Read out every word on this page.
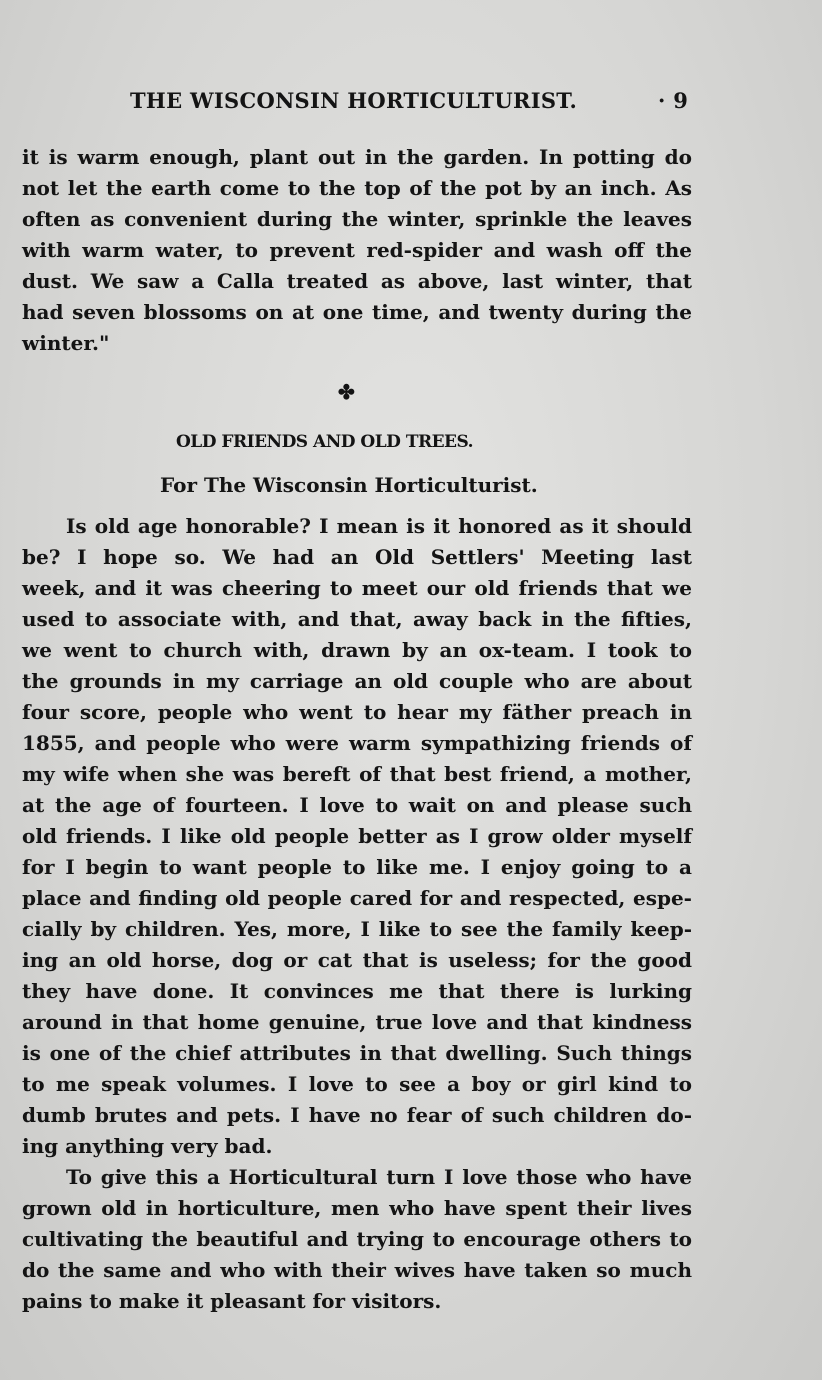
THE WISCONSIN HORTICULTURIST.	· 9
it is warm enough, plant out in the garden. In potting do
not let the earth come to the top of the pot by an inch. As
often as convenient during the winter, sprinkle the leaves
with warm water, to prevent red-spider and wash off the
dust. We saw a Calla treated as above, last winter, that
had seven blossoms on at one time, and twenty during the
winter."
✤
OLD FRIENDS AND OLD TREES.
For The Wisconsin Horticulturist.
Is old age honorable? I mean is it honored as it should
be? I hope so. We had an Old Settlers' Meeting last
week, and it was cheering to meet our old friends that we
used to associate with, and that, away back in the fifties,
we went to church with, drawn by an ox-team. I took to
the grounds in my carriage an old couple who are about
four score, people who went to hear my fäther preach in
1855, and people who were warm sympathizing friends of
my wife when she was bereft of that best friend, a mother,
at the age of fourteen. I love to wait on and please such
old friends. I like old people better as I grow older myself
for I begin to want people to like me. I enjoy going to a
place and finding old people cared for and respected, espe-
cially by children. Yes, more, I like to see the family keep-
ing an old horse, dog or cat that is useless; for the good
they have done. It convinces me that there is lurking
around in that home genuine, true love and that kindness
is one of the chief attributes in that dwelling. Such things
to me speak volumes. I love to see a boy or girl kind to
dumb brutes and pets. I have no fear of such children do-
ing anything very bad.
To give this a Horticultural turn I love those who have
grown old in horticulture, men who have spent their lives
cultivating the beautiful and trying to encourage others to
do the same and who with their wives have taken so much
pains to make it pleasant for visitors.
